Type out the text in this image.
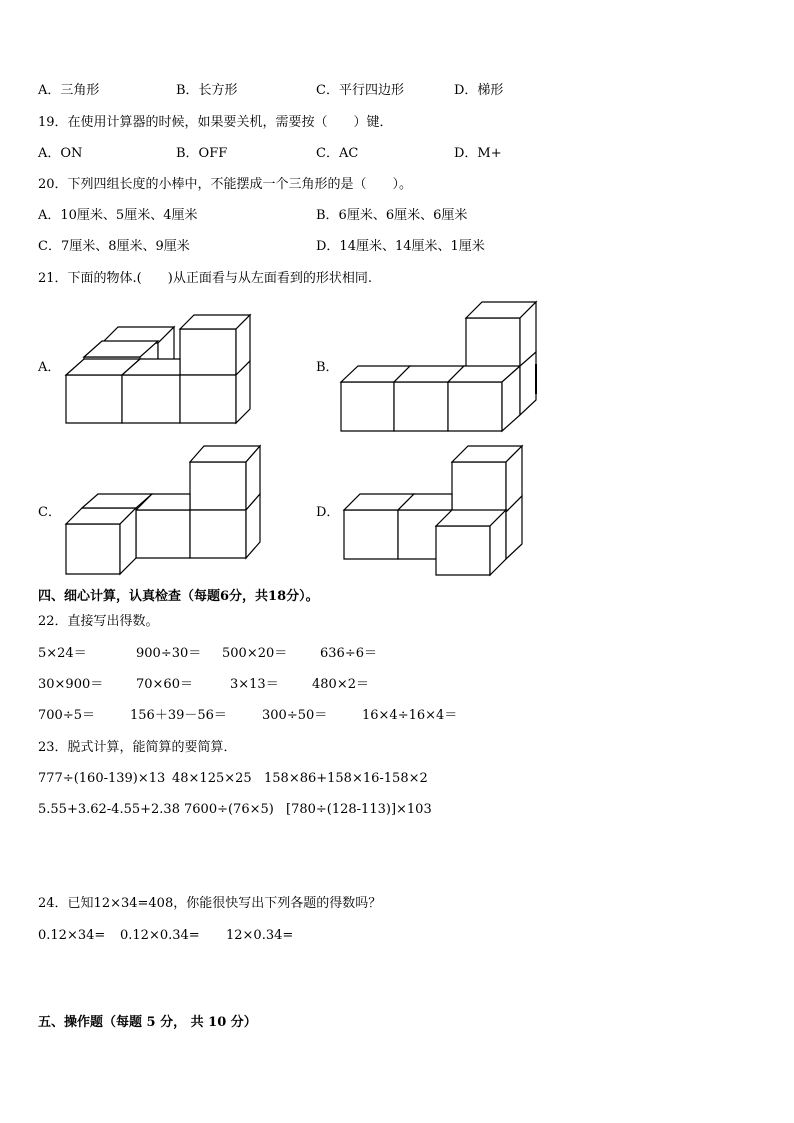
A．三角形	B．长方形	C．平行四边形	D．梯形
19．在使用计算器的时候，如果要关机，需要按（　　）键．
A．ON	B．OFF	C．AC	D．M+
20．下列四组长度的小棒中，不能摆成一个三角形的是（　　）。
A．10厘米、5厘米、4厘米	B．6厘米、6厘米、6厘米
C．7厘米、8厘米、9厘米	D．14厘米、14厘米、1厘米
21．下面的物体.(　　)从正面看与从左面看到的形状相同.
A．	B．
C．	D．
四、细心计算，认真检查（每题6分，共18分）。
22．直接写出得数。
5×24＝	900÷30＝ 500×20＝	636÷6＝
30×900＝	70×60＝	3×13＝	480×2＝
700÷5＝	156＋39－56＝	300÷50＝	16×4÷16×4＝
23．脱式计算，能简算的要简算．
777÷(160-139)×13 48×125×25 158×86+158×16-158×2
5.55+3.62-4.55+2.38 7600÷(76×5) [780÷(128-113)]×103
24．已知12×34=408，你能很快写出下列各题的得数吗？
0.12×34= 0.12×0.34= 12×0.34=
五、操作题（每题 5 分， 共 10 分）
